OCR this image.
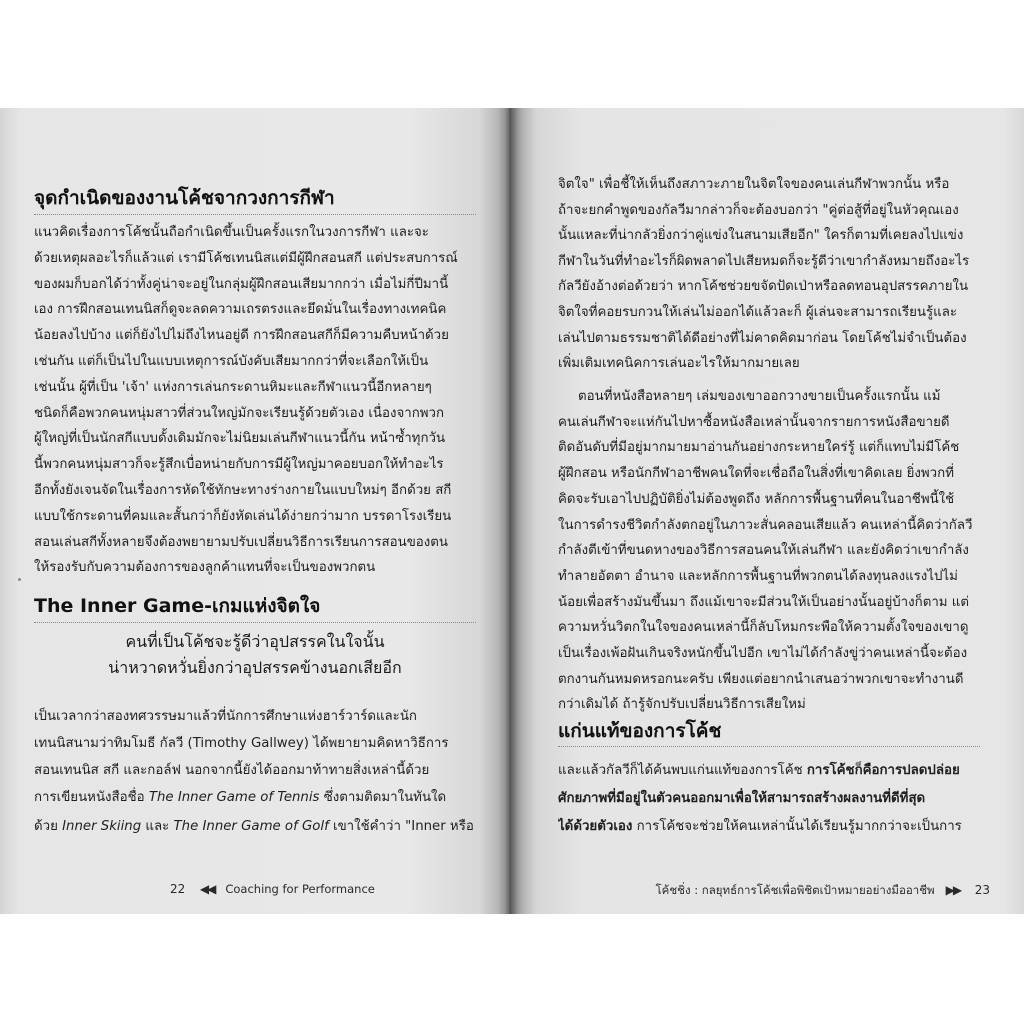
จุดกำเนิดของงานโค้ชจากวงการกีฬา
แนวคิดเรื่องการโค้ชนั้นถือกำเนิดขึ้นเป็นครั้งแรกในวงการกีฬา และจะ
ด้วยเหตุผลอะไรก็แล้วแต่ เรามีโค้ชเทนนิสแต่มีผู้ฝึกสอนสกี แต่ประสบการณ์
ของผมก็บอกได้ว่าทั้งคู่น่าจะอยู่ในกลุ่มผู้ฝึกสอนเสียมากกว่า เมื่อไม่กี่ปีมานี้
เอง การฝึกสอนเทนนิสก็ดูจะลดความเถรตรงและยึดมั่นในเรื่องทางเทคนิค
น้อยลงไปบ้าง แต่ก็ยังไปไม่ถึงไหนอยู่ดี การฝึกสอนสกีก็มีความคืบหน้าด้วย
เช่นกัน แต่ก็เป็นไปในแบบเหตุการณ์บังคับเสียมากกว่าที่จะเลือกให้เป็น
เช่นนั้น ผู้ที่เป็น 'เจ้า' แห่งการเล่นกระดานหิมะและกีฬาแนวนี้อีกหลายๆ
ชนิดก็คือพวกคนหนุ่มสาวที่ส่วนใหญ่มักจะเรียนรู้ด้วยตัวเอง เนื่องจากพวก
ผู้ใหญ่ที่เป็นนักสกีแบบดั้งเดิมมักจะไม่นิยมเล่นกีฬาแนวนี้กัน หน้าซ้ำทุกวัน
นี้พวกคนหนุ่มสาวก็จะรู้สึกเบื่อหน่ายกับการมีผู้ใหญ่มาคอยบอกให้ทำอะไร
อีกทั้งยังเจนจัดในเรื่องการหัดใช้ทักษะทางร่างกายในแบบใหม่ๆ อีกด้วย สกี
แบบใช้กระดานที่คมและสั้นกว่าก็ยังหัดเล่นได้ง่ายกว่ามาก บรรดาโรงเรียน
สอนเล่นสกีทั้งหลายจึงต้องพยายามปรับเปลี่ยนวิธีการเรียนการสอนของตน
ให้รองรับกับความต้องการของลูกค้าแทนที่จะเป็นของพวกตน
The Inner Game-เกมแห่งจิตใจ
คนที่เป็นโค้ชจะรู้ดีว่าอุปสรรคในใจนั้น
น่าหวาดหวั่นยิ่งกว่าอุปสรรคข้างนอกเสียอีก
เป็นเวลากว่าสองทศวรรษมาแล้วที่นักการศึกษาแห่งฮาร์วาร์ดและนัก
เทนนิสนามว่าทิมโมธี กัลวี (Timothy Gallwey) ได้พยายามคิดหาวิธีการ
สอนเทนนิส สกี และกอล์ฟ นอกจากนี้ยังได้ออกมาท้าทายสิ่งเหล่านี้ด้วย
การเขียนหนังสือชื่อ The Inner Game of Tennis ซึ่งตามติดมาในทันใด
ด้วย Inner Skiing และ The Inner Game of Golf เขาใช้คำว่า "Inner หรือ
22 ◀◀ Coaching for Performance
จิตใจ" เพื่อชี้ให้เห็นถึงสภาวะภายในจิตใจของคนเล่นกีฬาพวกนั้น หรือ
ถ้าจะยกคำพูดของกัลวีมากล่าวก็จะต้องบอกว่า "คู่ต่อสู้ที่อยู่ในหัวคุณเอง
นั้นแหละที่น่ากลัวยิ่งกว่าคู่แข่งในสนามเสียอีก" ใครก็ตามที่เคยลงไปแข่ง
กีฬาในวันที่ทำอะไรก็ผิดพลาดไปเสียหมดก็จะรู้ดีว่าเขากำลังหมายถึงอะไร
กัลวียังอ้างต่อด้วยว่า หากโค้ชช่วยขจัดปัดเป่าหรือลดทอนอุปสรรคภายใน
จิตใจที่คอยรบกวนให้เล่นไม่ออกได้แล้วละก็ ผู้เล่นจะสามารถเรียนรู้และ
เล่นไปตามธรรมชาติได้ดีอย่างที่ไม่คาดคิดมาก่อน โดยโค้ชไม่จำเป็นต้อง
เพิ่มเติมเทคนิคการเล่นอะไรให้มากมายเลย
ตอนที่หนังสือหลายๆ เล่มของเขาออกวางขายเป็นครั้งแรกนั้น แม้
คนเล่นกีฬาจะแห่กันไปหาซื้อหนังสือเหล่านั้นจากรายการหนังสือขายดี
ติดอันดับที่มีอยู่มากมายมาอ่านกันอย่างกระหายใคร่รู้ แต่ก็แทบไม่มีโค้ช
ผู้ฝึกสอน หรือนักกีฬาอาชีพคนใดที่จะเชื่อถือในสิ่งที่เขาคิดเลย ยิ่งพวกที่
คิดจะรับเอาไปปฏิบัติยิ่งไม่ต้องพูดถึง หลักการพื้นฐานที่คนในอาชีพนี้ใช้
ในการดำรงชีวิตกำลังตกอยู่ในภาวะสั่นคลอนเสียแล้ว คนเหล่านี้คิดว่ากัลวี
กำลังตีเข้าที่ขนดหางของวิธีการสอนคนให้เล่นกีฬา และยังคิดว่าเขากำลัง
ทำลายอัตตา อำนาจ และหลักการพื้นฐานที่พวกตนได้ลงทุนลงแรงไปไม่
น้อยเพื่อสร้างมันขึ้นมา ถึงแม้เขาจะมีส่วนให้เป็นอย่างนั้นอยู่บ้างก็ตาม แต่
ความหวั่นวิตกในใจของคนเหล่านี้ก็ลับโหมกระพือให้ความตั้งใจของเขาดู
เป็นเรื่องเพ้อฝันเกินจริงหนักขึ้นไปอีก เขาไม่ได้กำลังขู่ว่าคนเหล่านี้จะต้อง
ตกงานกันหมดหรอกนะครับ เพียงแต่อยากนำเสนอว่าพวกเขาจะทำงานดี
กว่าเดิมได้ ถ้ารู้จักปรับเปลี่ยนวิธีการเสียใหม่
แก่นแท้ของการโค้ช
และแล้วกัลวีก็ได้ค้นพบแก่นแท้ของการโค้ช การโค้ชก็คือการปลดปล่อย
ศักยภาพที่มีอยู่ในตัวคนออกมาเพื่อให้สามารถสร้างผลงานที่ดีที่สุด
ได้ด้วยตัวเอง การโค้ชจะช่วยให้คนเหล่านั้นได้เรียนรู้มากกว่าจะเป็นการ
โค้ชชิ่ง : กลยุทธ์การโค้ชเพื่อพิชิตเป้าหมายอย่างมืออาชีพ ▶▶ 23
